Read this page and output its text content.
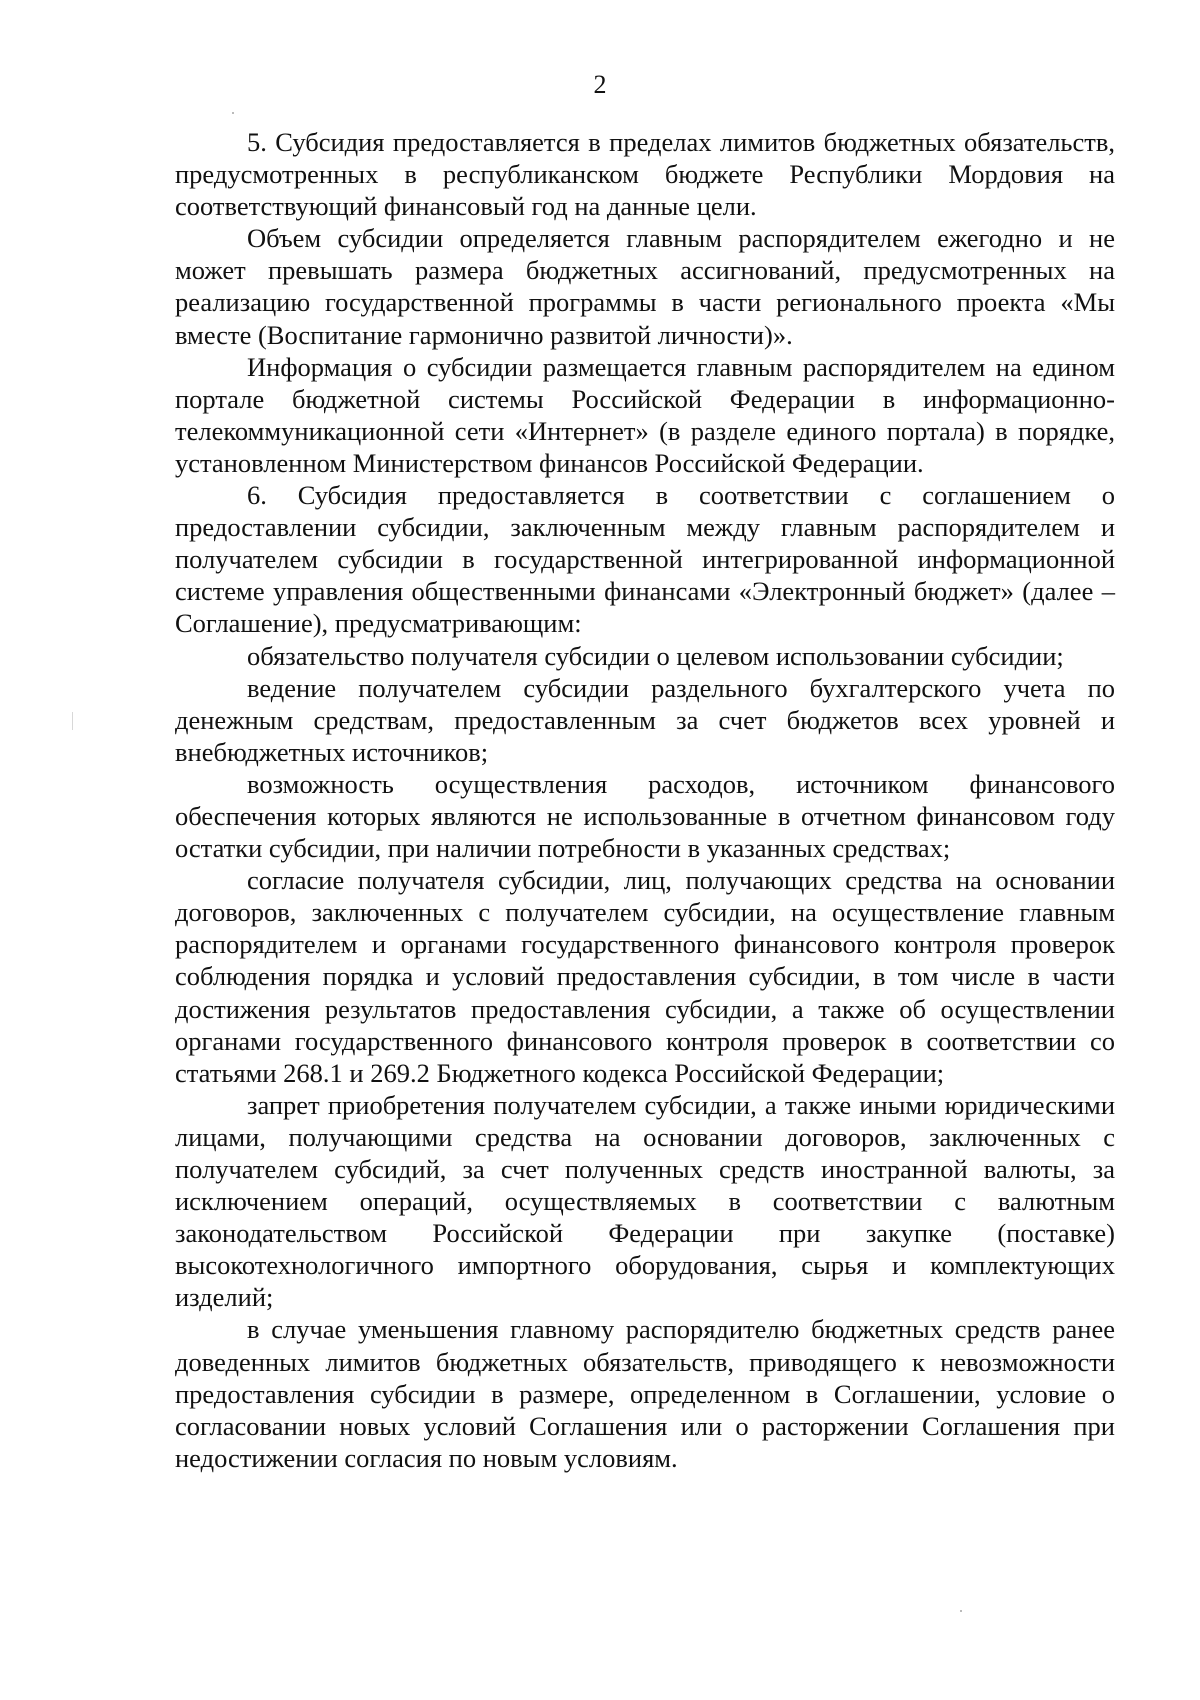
2

5. Субсидия предоставляется в пределах лимитов бюджетных обязательств, предусмотренных в республиканском бюджете Республики Мордовия на соответствующий финансовый год на данные цели.

Объем субсидии определяется главным распорядителем ежегодно и не может превышать размера бюджетных ассигнований, предусмотренных на реализацию государственной программы в части регионального проекта «Мы вместе (Воспитание гармонично развитой личности)».

Информация о субсидии размещается главным распорядителем на едином портале бюджетной системы Российской Федерации в информационно-телекоммуникационной сети «Интернет» (в разделе единого портала) в порядке, установленном Министерством финансов Российской Федерации.

6. Субсидия предоставляется в соответствии с соглашением о предоставлении субсидии, заключенным между главным распорядителем и получателем субсидии в государственной интегрированной информационной системе управления общественными финансами «Электронный бюджет» (далее – Соглашение), предусматривающим:

обязательство получателя субсидии о целевом использовании субсидии;

ведение получателем субсидии раздельного бухгалтерского учета по денежным средствам, предоставленным за счет бюджетов всех уровней и внебюджетных источников;

возможность осуществления расходов, источником финансового обеспечения которых являются не использованные в отчетном финансовом году остатки субсидии, при наличии потребности в указанных средствах;

согласие получателя субсидии, лиц, получающих средства на основании договоров, заключенных с получателем субсидии, на осуществление главным распорядителем и органами государственного финансового контроля проверок соблюдения порядка и условий предоставления субсидии, в том числе в части достижения результатов предоставления субсидии, а также об осуществлении органами государственного финансового контроля проверок в соответствии со статьями 268.1 и 269.2 Бюджетного кодекса Российской Федерации;

запрет приобретения получателем субсидии, а также иными юридическими лицами, получающими средства на основании договоров, заключенных с получателем субсидий, за счет полученных средств иностранной валюты, за исключением операций, осуществляемых в соответствии с валютным законодательством Российской Федерации при закупке (поставке) высокотехнологичного импортного оборудования, сырья и комплектующих изделий;

в случае уменьшения главному распорядителю бюджетных средств ранее доведенных лимитов бюджетных обязательств, приводящего к невозможности предоставления субсидии в размере, определенном в Соглашении, условие о согласовании новых условий Соглашения или о расторжении Соглашения при недостижении согласия по новым условиям.
